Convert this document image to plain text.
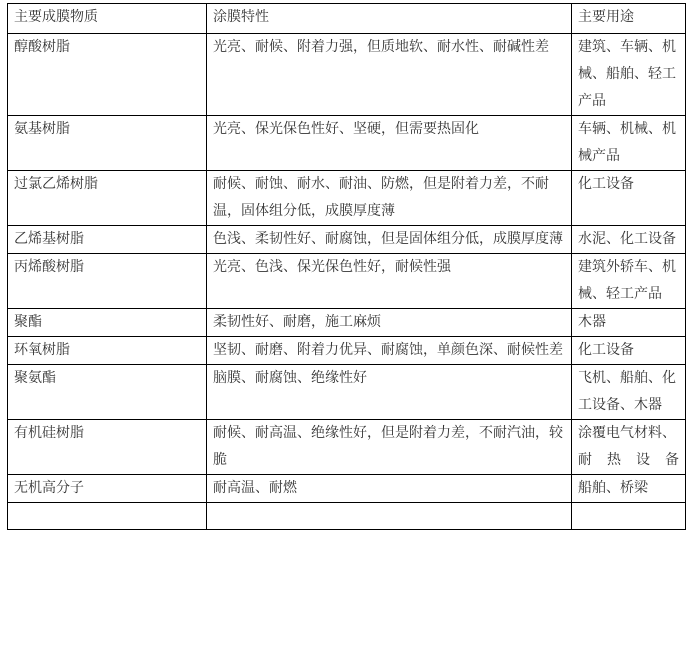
主要成膜物质	涂膜特性	主要用途
醇酸树脂	光亮、耐候、附着力强，但质地软、耐水性、耐碱性差	建筑、车辆、机械、船舶、轻工产品
氨基树脂	光亮、保光保色性好、坚硬，但需要热固化	车辆、机械、机械产品
过氯乙烯树脂	耐候、耐蚀、耐水、耐油、防燃，但是附着力差，不耐温，固体组分低，成膜厚度薄	化工设备
乙烯基树脂	色浅、柔韧性好、耐腐蚀，但是固体组分低，成膜厚度薄	水泥、化工设备
丙烯酸树脂	光亮、色浅、保光保色性好，耐候性强	建筑外轿车、机械、轻工产品
聚酯	柔韧性好、耐磨，施工麻烦	木器
环氧树脂	坚韧、耐磨、附着力优异、耐腐蚀，单颜色深、耐候性差	化工设备
聚氨酯	脑膜、耐腐蚀、绝缘性好	飞机、船舶、化工设备、木器
有机硅树脂	耐候、耐高温、绝缘性好，但是附着力差，不耐汽油，较脆	涂覆电气材料、耐热设备
无机高分子	耐高温、耐燃	船舶、桥梁
